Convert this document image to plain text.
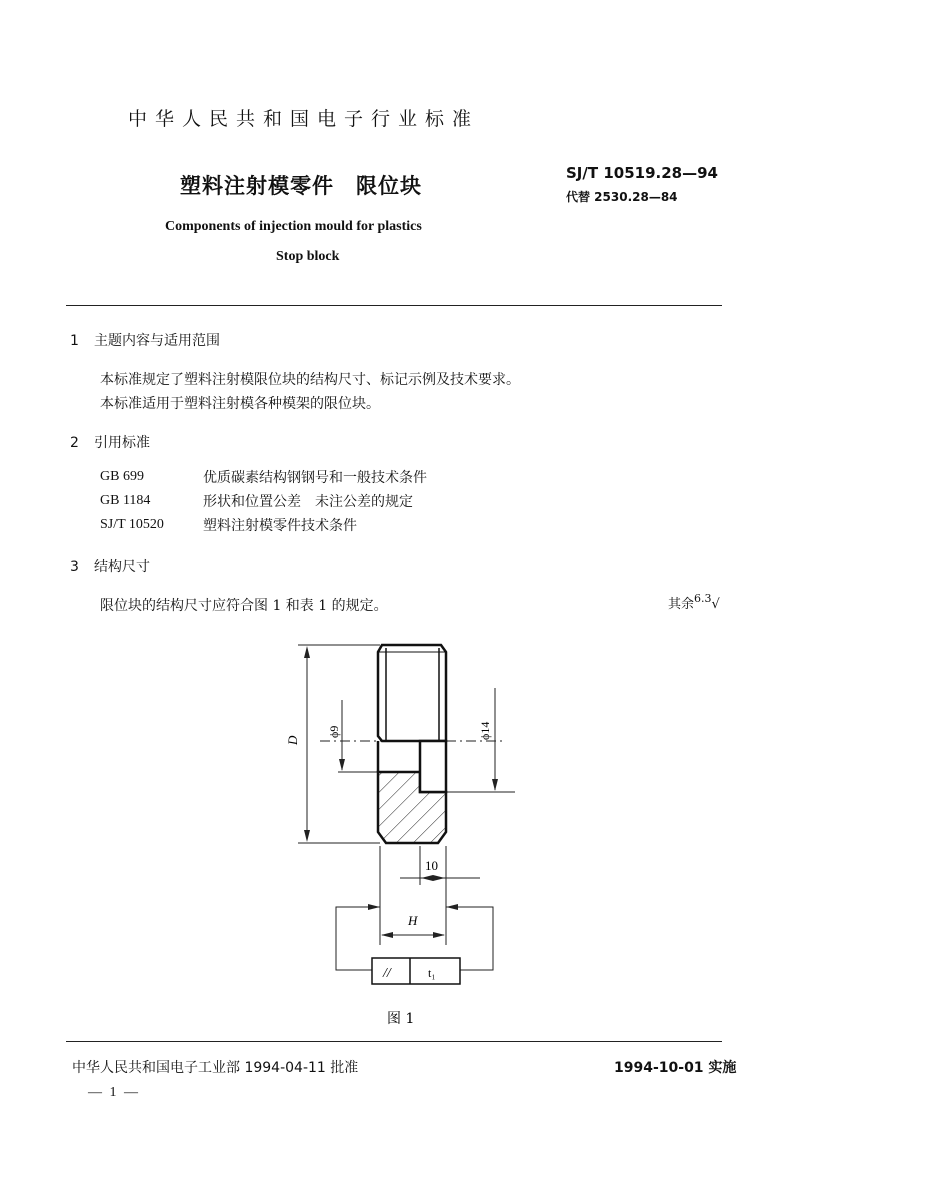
中华人民共和国电子行业标准
塑料注射模零件 限位块
SJ/T 10519.28—94
代替 2530.28—84
Components of injection mould for plastics
Stop block
1 主题内容与适用范围
本标准规定了塑料注射模限位块的结构尺寸、标记示例及技术要求。
本标准适用于塑料注射模各种模架的限位块。
2 引用标准
GB 699	优质碳素结构钢钢号和一般技术条件
GB 1184	形状和位置公差　未注公差的规定
SJ/T 10520	塑料注射模零件技术条件
3 结构尺寸
限位块的结构尺寸应符合图 1 和表 1 的规定。	其余$^{6.3}$√
D
ϕ9	ϕ14
10
H
//	t₁
图 1
中华人民共和国电子工业部 1994-04-11 批准	1994-10-01 实施
— 1 —
